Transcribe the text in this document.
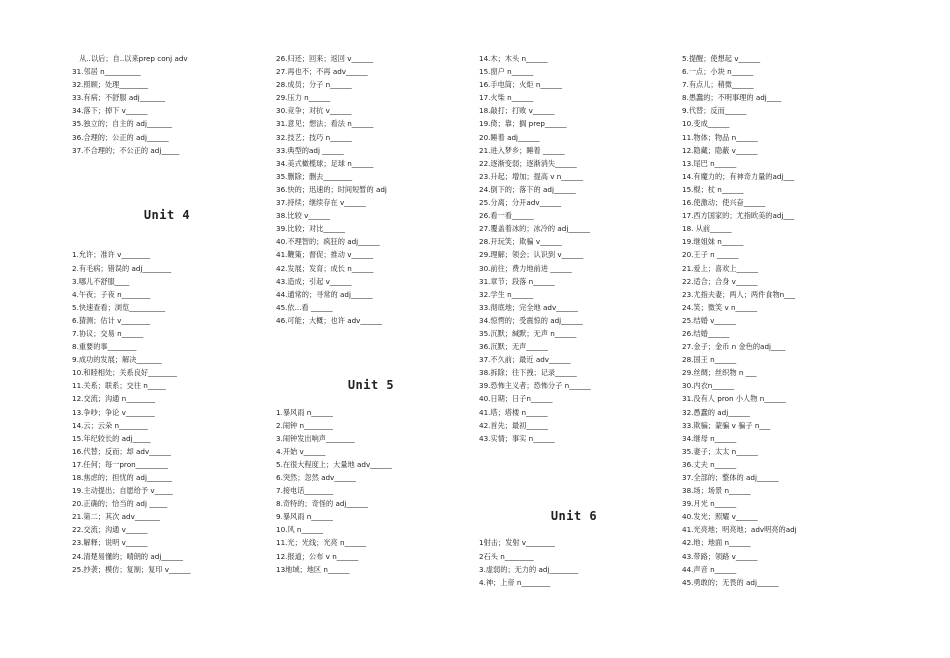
　从..以后；自..以来prep conj adv
31.邻居 n__________
32.照顾；处理________
33.有病；不舒服 adj_______
34.落下；掉下 v______
35.独立的；自主的 adj_______
36.合理的；公正的 adj______
37.不合理的；不公正的 adj_____
Unit 4
1.允许；准许 v________
2.有毛病；错误的 adj________
3.哪儿不舒服____
4.午夜；子夜 n________
5.快速查看；浏览__________
6.猜测；估计 v________
7.协议；交易 n______
8.重要的事________
9.成功的发展；解决_______
10.和睦相处；关系良好________
11.关系；联系；交往 n_____
12.交流；沟通 n________
13.争吵；争论 v________
14.云；云朵 n________
15.年纪较长的 adj_____
16.代替；反而；却 adv______
17.任何；每一pron_________
18.焦虑的；担忧的 adj_______
19.主动提出；自愿给予 v_____
20.正确的；恰当的 adj _____
21.第二；其次 adv_______
22.交流；沟通 v______
23.解释；说明 v______
24.清楚易懂的；晴朗的 adj______
25.抄袭；模仿；复制；复印 v______
26.归还；回来；返回 v______
27.再也不；不再 adv______
28.成员；分子 n______
29.压力 n______
30.竞争；对抗 v______
31.意见；想法；看法 n______
32.技艺；技巧 n______
33.典型的adj ______
34.美式橄榄球；足球 n______
35.删除；删去________
36.快的；迅速的；时间短暂的 adj
37.持续；继续存在 v______
38.比较 v______
39.比较；对比______
40.不理智的；疯狂的 adj______
41.鞭策；督促；推动 v______
42.发展；发育；成长 n______
43.造成；引起 v______
44.通常的；寻常的 adj______
45.依...看 ______
46.可能；大概；也许 adv______
Unit 5
1.暴风雨 n______
2.闹钟 n________
3.闹钟发出响声________
4.开始 v______
5.在很大程度上；大量地 adv______
6.突然；忽然 adv______
7.接电话________
8.奇特的；奇怪的 adj______
9.暴风雨 n______
10.风 n______
11.光；光线；光亮 n______
12.报道；公布 v n______
13地域；地区 n______
14.木；木头 n______
15.窗户 n______
16.手电筒；火炬 n______
17.火柴 n______
18.敲打；打败 v______
19.倚；靠；搁 prep______
20.睡着 adj______
21.进入梦乡；睡着 ______
22.逐渐变弱；逐渐消失______
23.升起；增加；提高 v n______
24.倒下的；落下的 adj______
25.分离；分开adv______
26.看一看______
27.覆盖着冰的；冰冷的 adj______
28.开玩笑；欺骗 v______
29.理解；领会；认识到 v______
30.前往；费力地前进 ______
31.章节；段落 n______
32.学生 n______
33.彻底地；完全地 adv______
34.惊愕的；受震惊的 adj______
35.沉默；缄默；无声 n______
36.沉默；无声______
37.不久前；最近 adv______
38.拆除；往下拽；记录______
39.恐怖主义者；恐怖分子 n______
40.日期；日子n______
41.塔；塔楼 n______
42.首先；最初______
43.实情；事实 n______
Unit 6
1射击；发射 v________
2石头 n________
3.虚弱的；无力的 adj________
4.神；上帝 n________
5.提醒；使想起 v______
6.一点；小块 n______
7.有点儿；稍微______
8.愚蠢的；不明事理的 adj____
9.代替；反而______
10.变成______
11.物体；物品 n______
12.隐藏；隐蔽 v______
13.尾巴 n______
14.有魔力的；有神奇力量的adj___
15.棍；杖 n______
16.使激动；使兴奋______
17.西方国家的；尤指欧美的adj___
18. 从前______
19.继姐妹 n______
20.王子 n ______
21.爱上；喜欢上______
22.适合；合身 v______
23.尤指夫妻；两人；两件食物n___
24.笑；微笑 v n______
25.结婚 v______
26.结婚______
27.金子；金币 n 金色的adj____
28.国王 n______
29.丝绸；丝织物 n ___
30.内衣n______
31.没有人 pron 小人物 n______
32.愚蠢的 adj______
33.欺骗；蒙骗 v 骗子 n___
34.继母 n______
35.妻子；太太 n______
36.丈夫 n______
37.全部的；整体的 adj______
38.场；场景 n______
39.月光 n______
40.发光；照耀 v______
41.光亮地；明亮地；adv明亮的adj
42.地；地面 n______
43.带路；领路 v______
44.声音 n______
45.勇敢的；无畏的 adj______
